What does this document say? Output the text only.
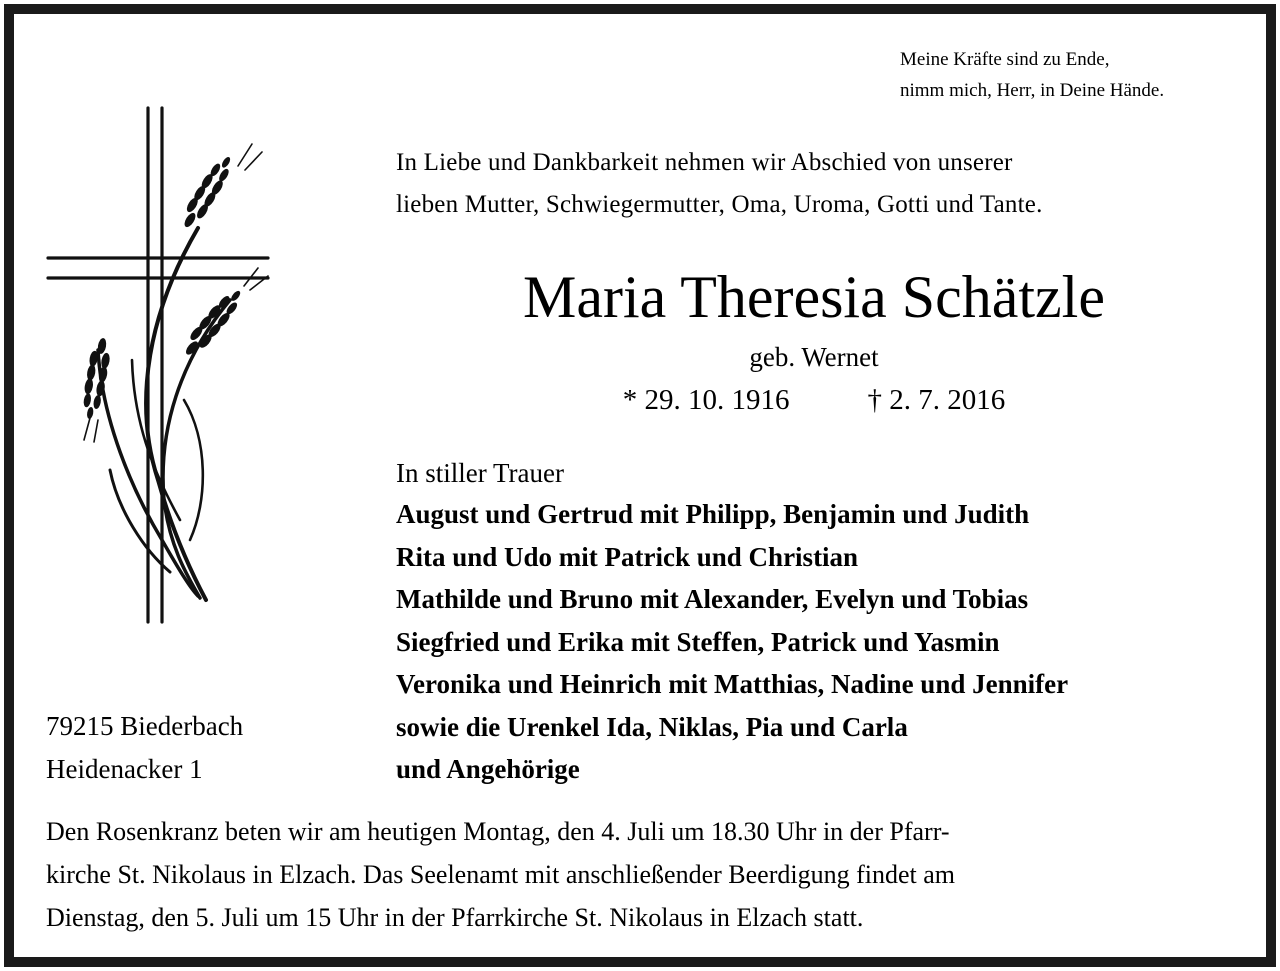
Meine Kräfte sind zu Ende,
nimm mich, Herr, in Deine Hände.
In Liebe und Dankbarkeit nehmen wir Abschied von unserer
lieben Mutter, Schwiegermutter, Oma, Uroma, Gotti und Tante.
Maria Theresia Schätzle
geb. Wernet
* 29. 10. 1916	† 2. 7. 2016
In stiller Trauer
August und Gertrud mit Philipp, Benjamin und Judith
Rita und Udo mit Patrick und Christian
Mathilde und Bruno mit Alexander, Evelyn und Tobias
Siegfried und Erika mit Steffen, Patrick und Yasmin
Veronika und Heinrich mit Matthias, Nadine und Jennifer
sowie die Urenkel Ida, Niklas, Pia und Carla
und Angehörige
79215 Biederbach
Heidenacker 1
Den Rosenkranz beten wir am heutigen Montag, den 4. Juli um 18.30 Uhr in der Pfarr-
kirche St. Nikolaus in Elzach. Das Seelenamt mit anschließender Beerdigung findet am
Dienstag, den 5. Juli um 15 Uhr in der Pfarrkirche St. Nikolaus in Elzach statt.
